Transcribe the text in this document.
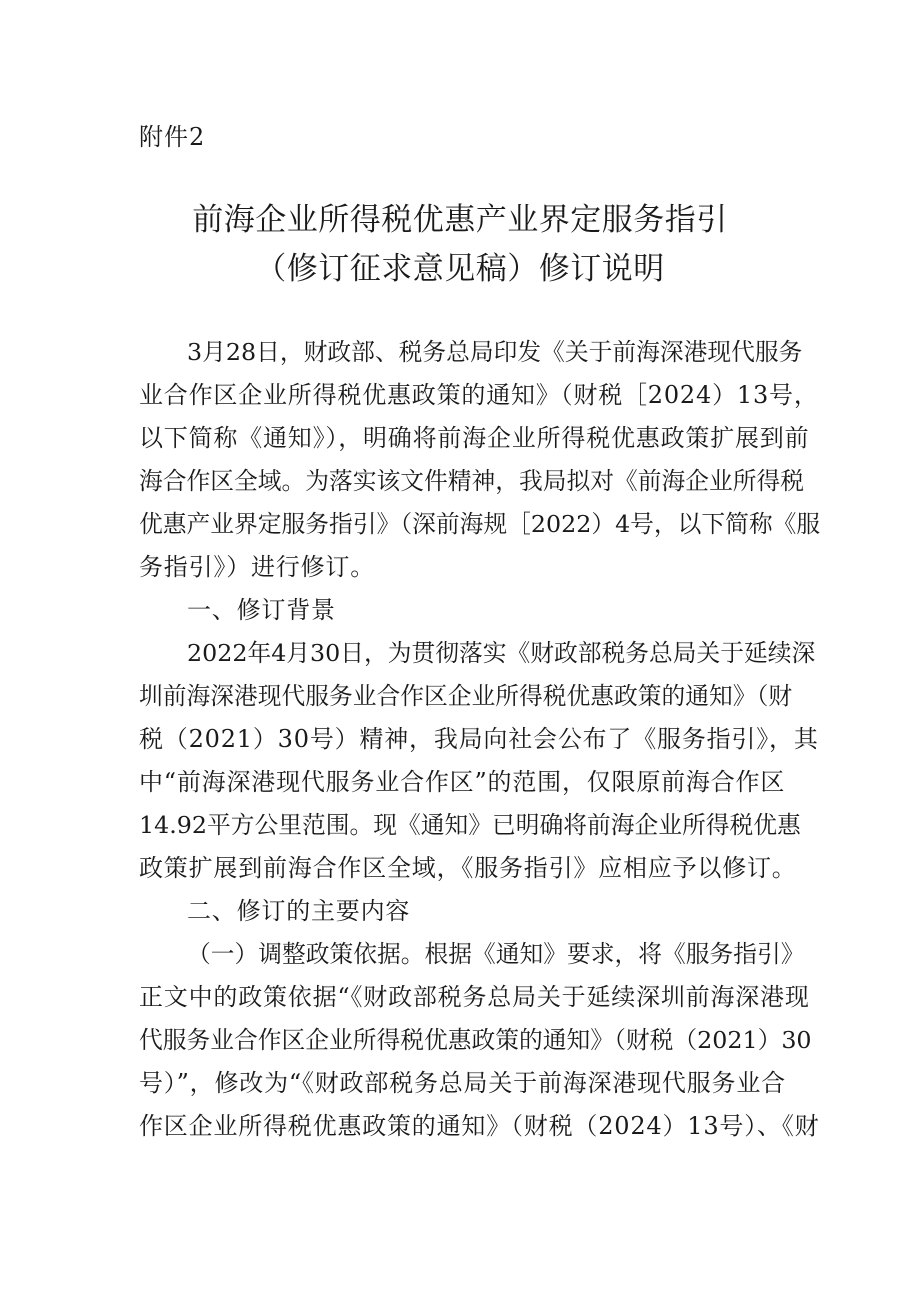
附件2
前海企业所得税优惠产业界定服务指引
（修订征求意见稿）修订说明
3月28日，财政部、税务总局印发《关于前海深港现代服务
业合作区企业所得税优惠政策的通知》（财税［2024）13号，
以下简称《通知》），明确将前海企业所得税优惠政策扩展到前
海合作区全域。为落实该文件精神，我局拟对《前海企业所得税
优惠产业界定服务指引》（深前海规［2022）4号，以下简称《服
务指引》）进行修订。
一、修订背景
2022年4月30日，为贯彻落实《财政部税务总局关于延续深
圳前海深港现代服务业合作区企业所得税优惠政策的通知》（财
税（2021）30号）精神，我局向社会公布了《服务指引》，其
中“前海深港现代服务业合作区”的范围，仅限原前海合作区
14.92平方公里范围。现《通知》已明确将前海企业所得税优惠
政策扩展到前海合作区全域，《服务指引》应相应予以修订。
二、修订的主要内容
（一）调整政策依据。根据《通知》要求，将《服务指引》
正文中的政策依据“《财政部税务总局关于延续深圳前海深港现
代服务业合作区企业所得税优惠政策的通知》（财税（2021）30
号）”，修改为“《财政部税务总局关于前海深港现代服务业合
作区企业所得税优惠政策的通知》（财税（2024）13号）、《财
